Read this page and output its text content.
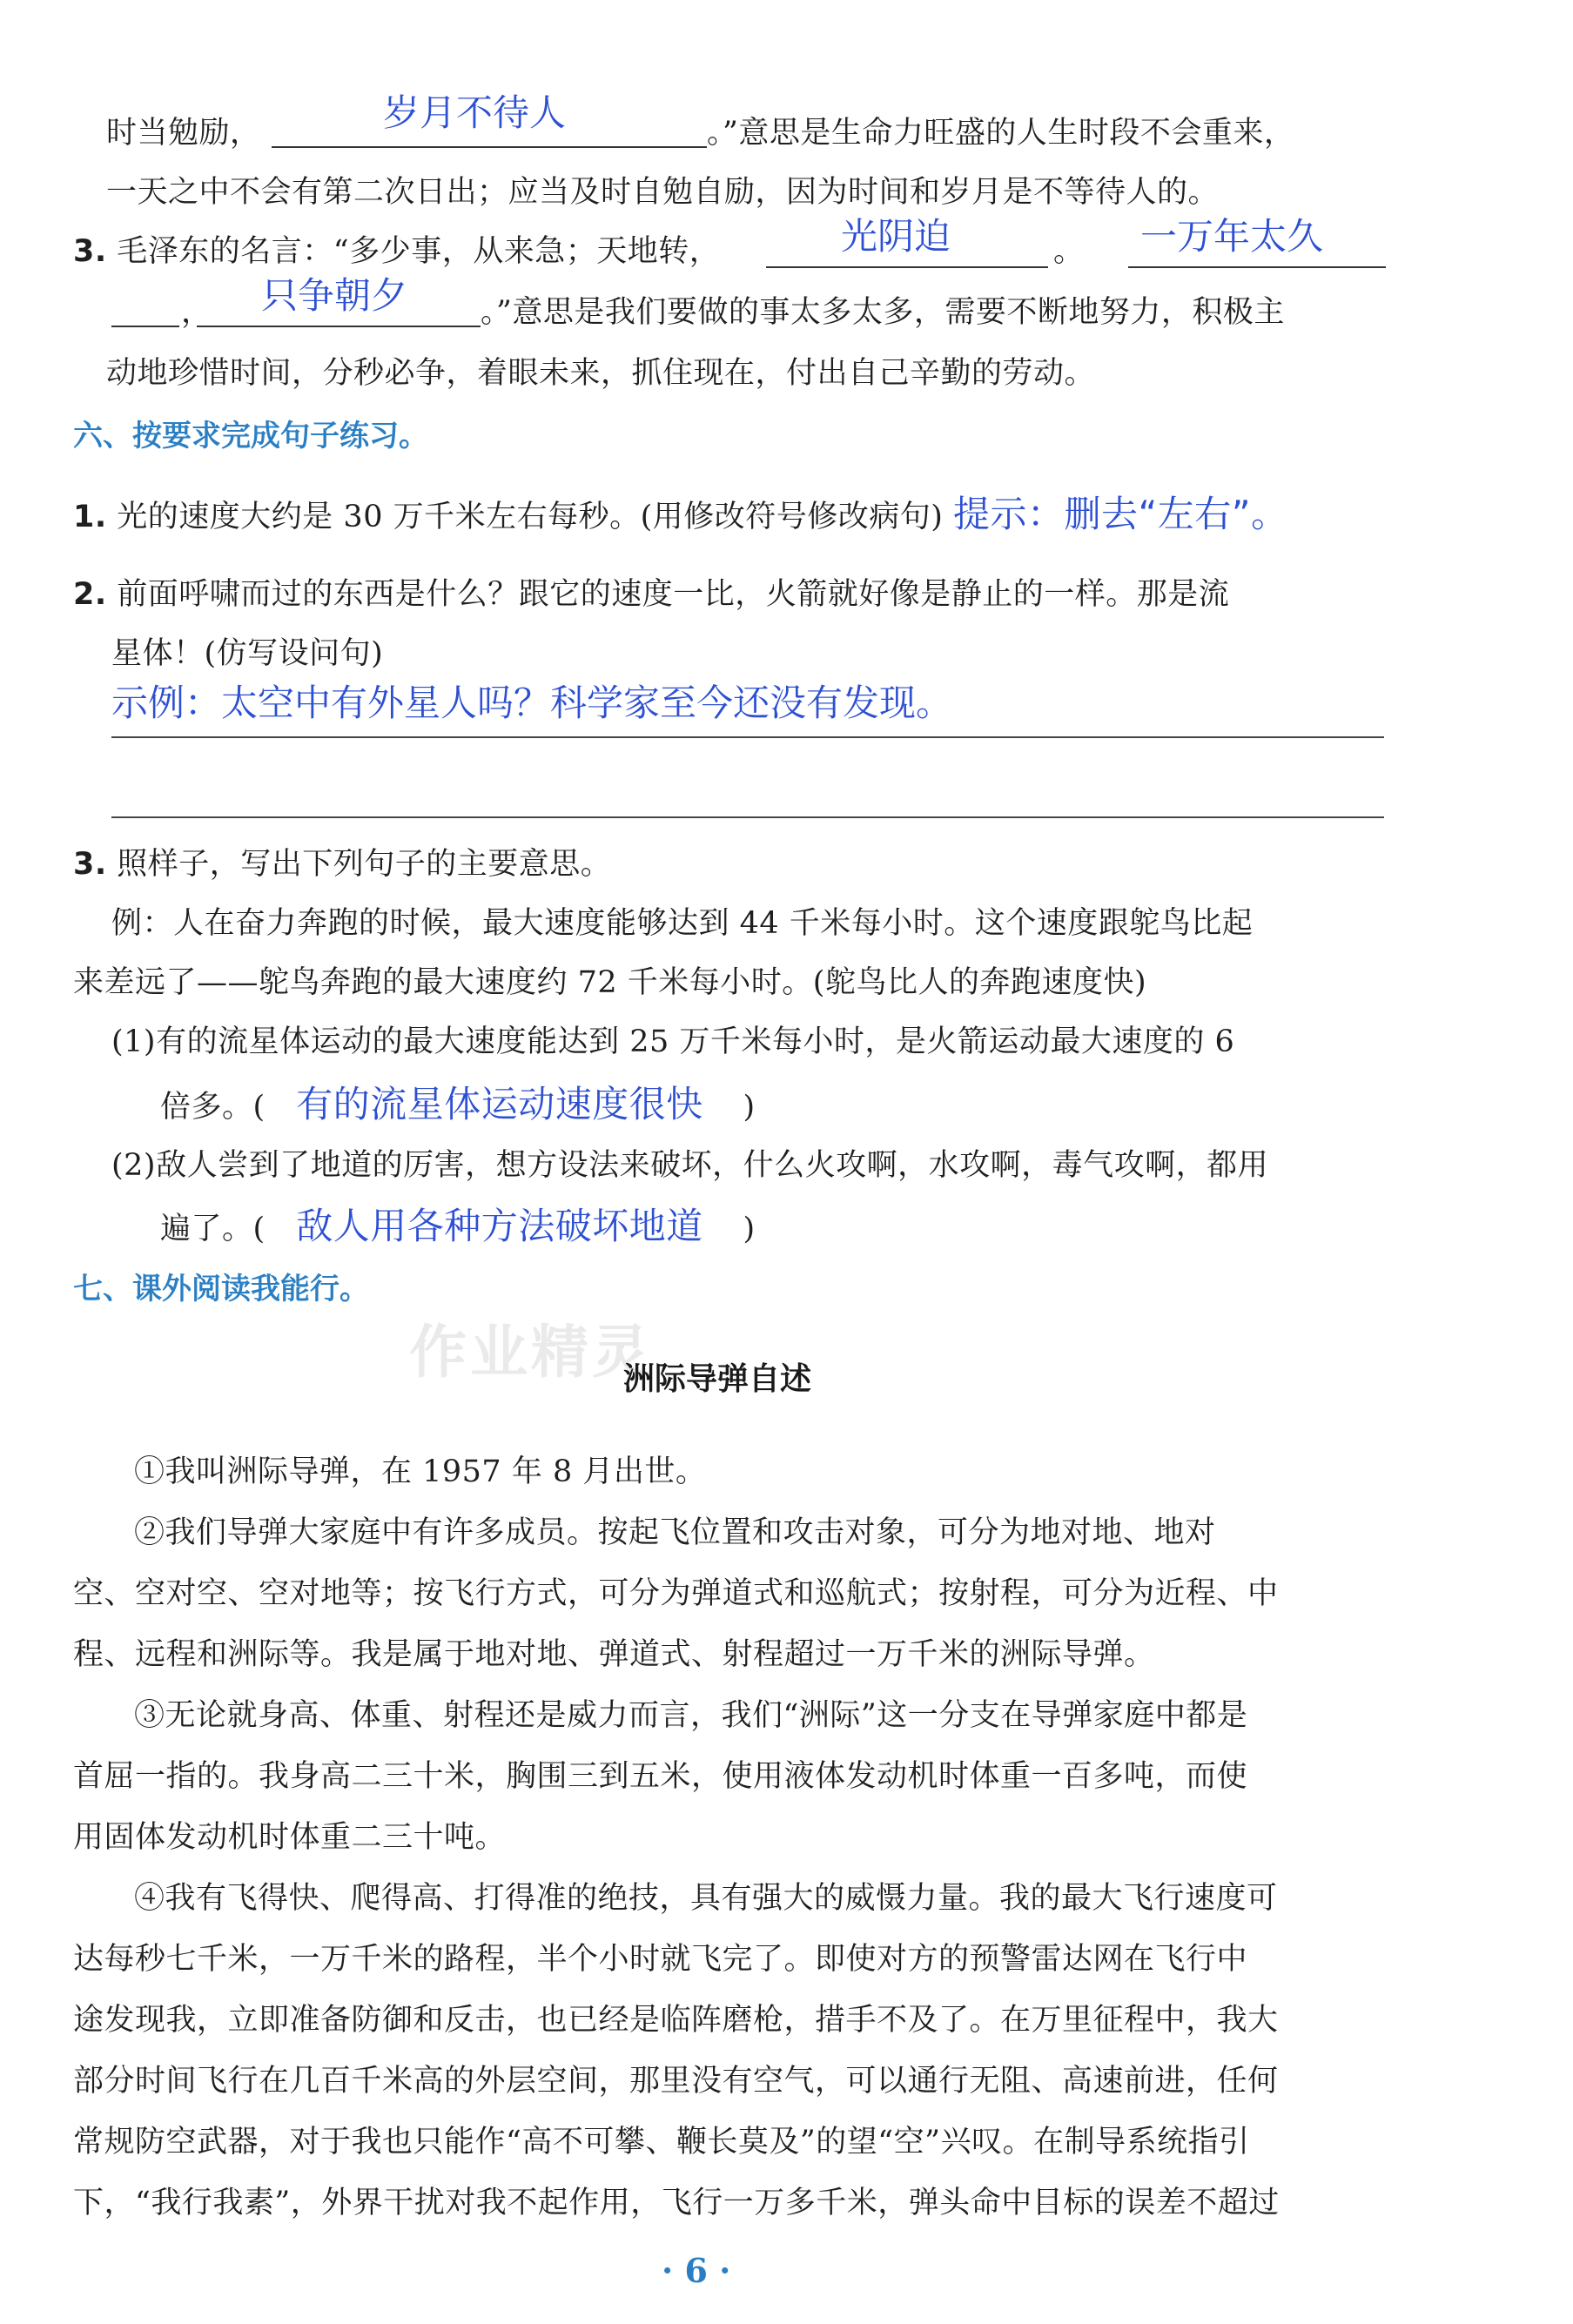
时当勉励，	岁月不待人	。”意思是生命力旺盛的人生时段不会重来，
一天之中不会有第二次日出；应当及时自勉自励，因为时间和岁月是不等待人的。
3. 毛泽东的名言：“多少事，从来急；天地转，	光阴迫	。 一万年太久
， 只争朝夕 。”意思是我们要做的事太多太多，需要不断地努力，积极主
动地珍惜时间，分秒必争，着眼未来，抓住现在，付出自己辛勤的劳动。
六、按要求完成句子练习。
1. 光的速度大约是 30 万千米左右每秒。(用修改符号修改病句) 提示：删去“左右”。
2. 前面呼啸而过的东西是什么？跟它的速度一比，火箭就好像是静止的一样。那是流
星体！(仿写设问句)
示例：太空中有外星人吗？科学家至今还没有发现。
3. 照样子，写出下列句子的主要意思。
例：人在奋力奔跑的时候，最大速度能够达到 44 千米每小时。这个速度跟鸵鸟比起
来差远了——鸵鸟奔跑的最大速度约 72 千米每小时。(鸵鸟比人的奔跑速度快)
(1)有的流星体运动的最大速度能达到 25 万千米每小时，是火箭运动最大速度的 6
倍多。( 有的流星体运动速度很快 )
(2)敌人尝到了地道的厉害，想方设法来破坏，什么火攻啊，水攻啊，毒气攻啊，都用
遍了。( 敌人用各种方法破坏地道 )
七、课外阅读我能行。
作业精灵
洲际导弹自述
①我叫洲际导弹，在 1957 年 8 月出世。
②我们导弹大家庭中有许多成员。按起飞位置和攻击对象，可分为地对地、地对
空、空对空、空对地等；按飞行方式，可分为弹道式和巡航式；按射程，可分为近程、中
程、远程和洲际等。我是属于地对地、弹道式、射程超过一万千米的洲际导弹。
③无论就身高、体重、射程还是威力而言，我们“洲际”这一分支在导弹家庭中都是
首屈一指的。我身高二三十米，胸围三到五米，使用液体发动机时体重一百多吨，而使
用固体发动机时体重二三十吨。
④我有飞得快、爬得高、打得准的绝技，具有强大的威慑力量。我的最大飞行速度可
达每秒七千米，一万千米的路程，半个小时就飞完了。即使对方的预警雷达网在飞行中
途发现我，立即准备防御和反击，也已经是临阵磨枪，措手不及了。在万里征程中，我大
部分时间飞行在几百千米高的外层空间，那里没有空气，可以通行无阻、高速前进，任何
常规防空武器，对于我也只能作“高不可攀、鞭长莫及”的望“空”兴叹。在制导系统指引
下，“我行我素”，外界干扰对我不起作用，飞行一万多千米，弹头命中目标的误差不超过
· 6 ·
